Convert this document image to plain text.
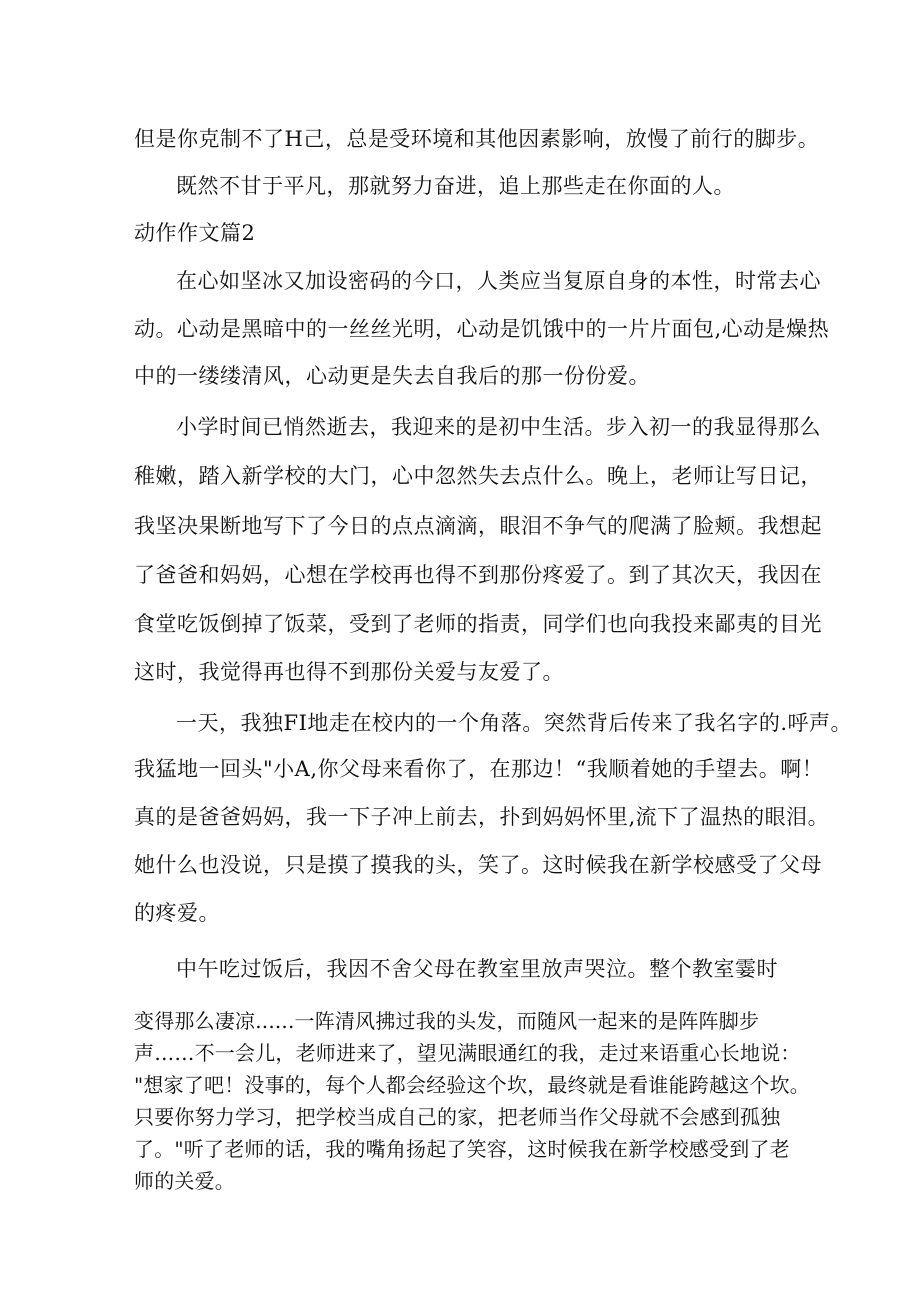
但是你克制不了H己，总是受环境和其他因素影响，放慢了前行的脚步。

既然不甘于平凡，那就努力奋进，追上那些走在你面的人。

动作作文篇2

在心如坚冰又加设密码的今口，人类应当复原自身的本性，时常去心

动。心动是黑暗中的一丝丝光明，心动是饥饿中的一片片面包,心动是燥热

中的一缕缕清风，心动更是失去自我后的那一份份爱。

小学时间已悄然逝去，我迎来的是初中生活。步入初一的我显得那么

稚嫩，踏入新学校的大门，心中忽然失去点什么。晚上，老师让写日记，

我坚决果断地写下了今日的点点滴滴，眼泪不争气的爬满了脸颊。我想起

了爸爸和妈妈，心想在学校再也得不到那份疼爱了。到了其次天，我因在

食堂吃饭倒掉了饭菜，受到了老师的指责，同学们也向我投来鄙夷的目光

这时，我觉得再也得不到那份关爱与友爱了。

一天，我独FI地走在校内的一个角落。突然背后传来了我名字的.呼声。

我猛地一回头"小A,你父母来看你了，在那边！“我顺着她的手望去。啊！

真的是爸爸妈妈，我一下子冲上前去，扑到妈妈怀里,流下了温热的眼泪。

她什么也没说，只是摸了摸我的头，笑了。这时候我在新学校感受了父母

的疼爱。

中午吃过饭后，我因不舍父母在教室里放声哭泣。整个教室霎时

变得那么凄凉......一阵清风拂过我的头发，而随风一起来的是阵阵脚步

声……不一会儿，老师进来了，望见满眼通红的我，走过来语重心长地说：

"想家了吧！没事的，每个人都会经验这个坎，最终就是看谁能跨越这个坎。

只要你努力学习，把学校当成自己的家，把老师当作父母就不会感到孤独

了。"听了老师的话，我的嘴角扬起了笑容，这时候我在新学校感受到了老

师的关爱。
